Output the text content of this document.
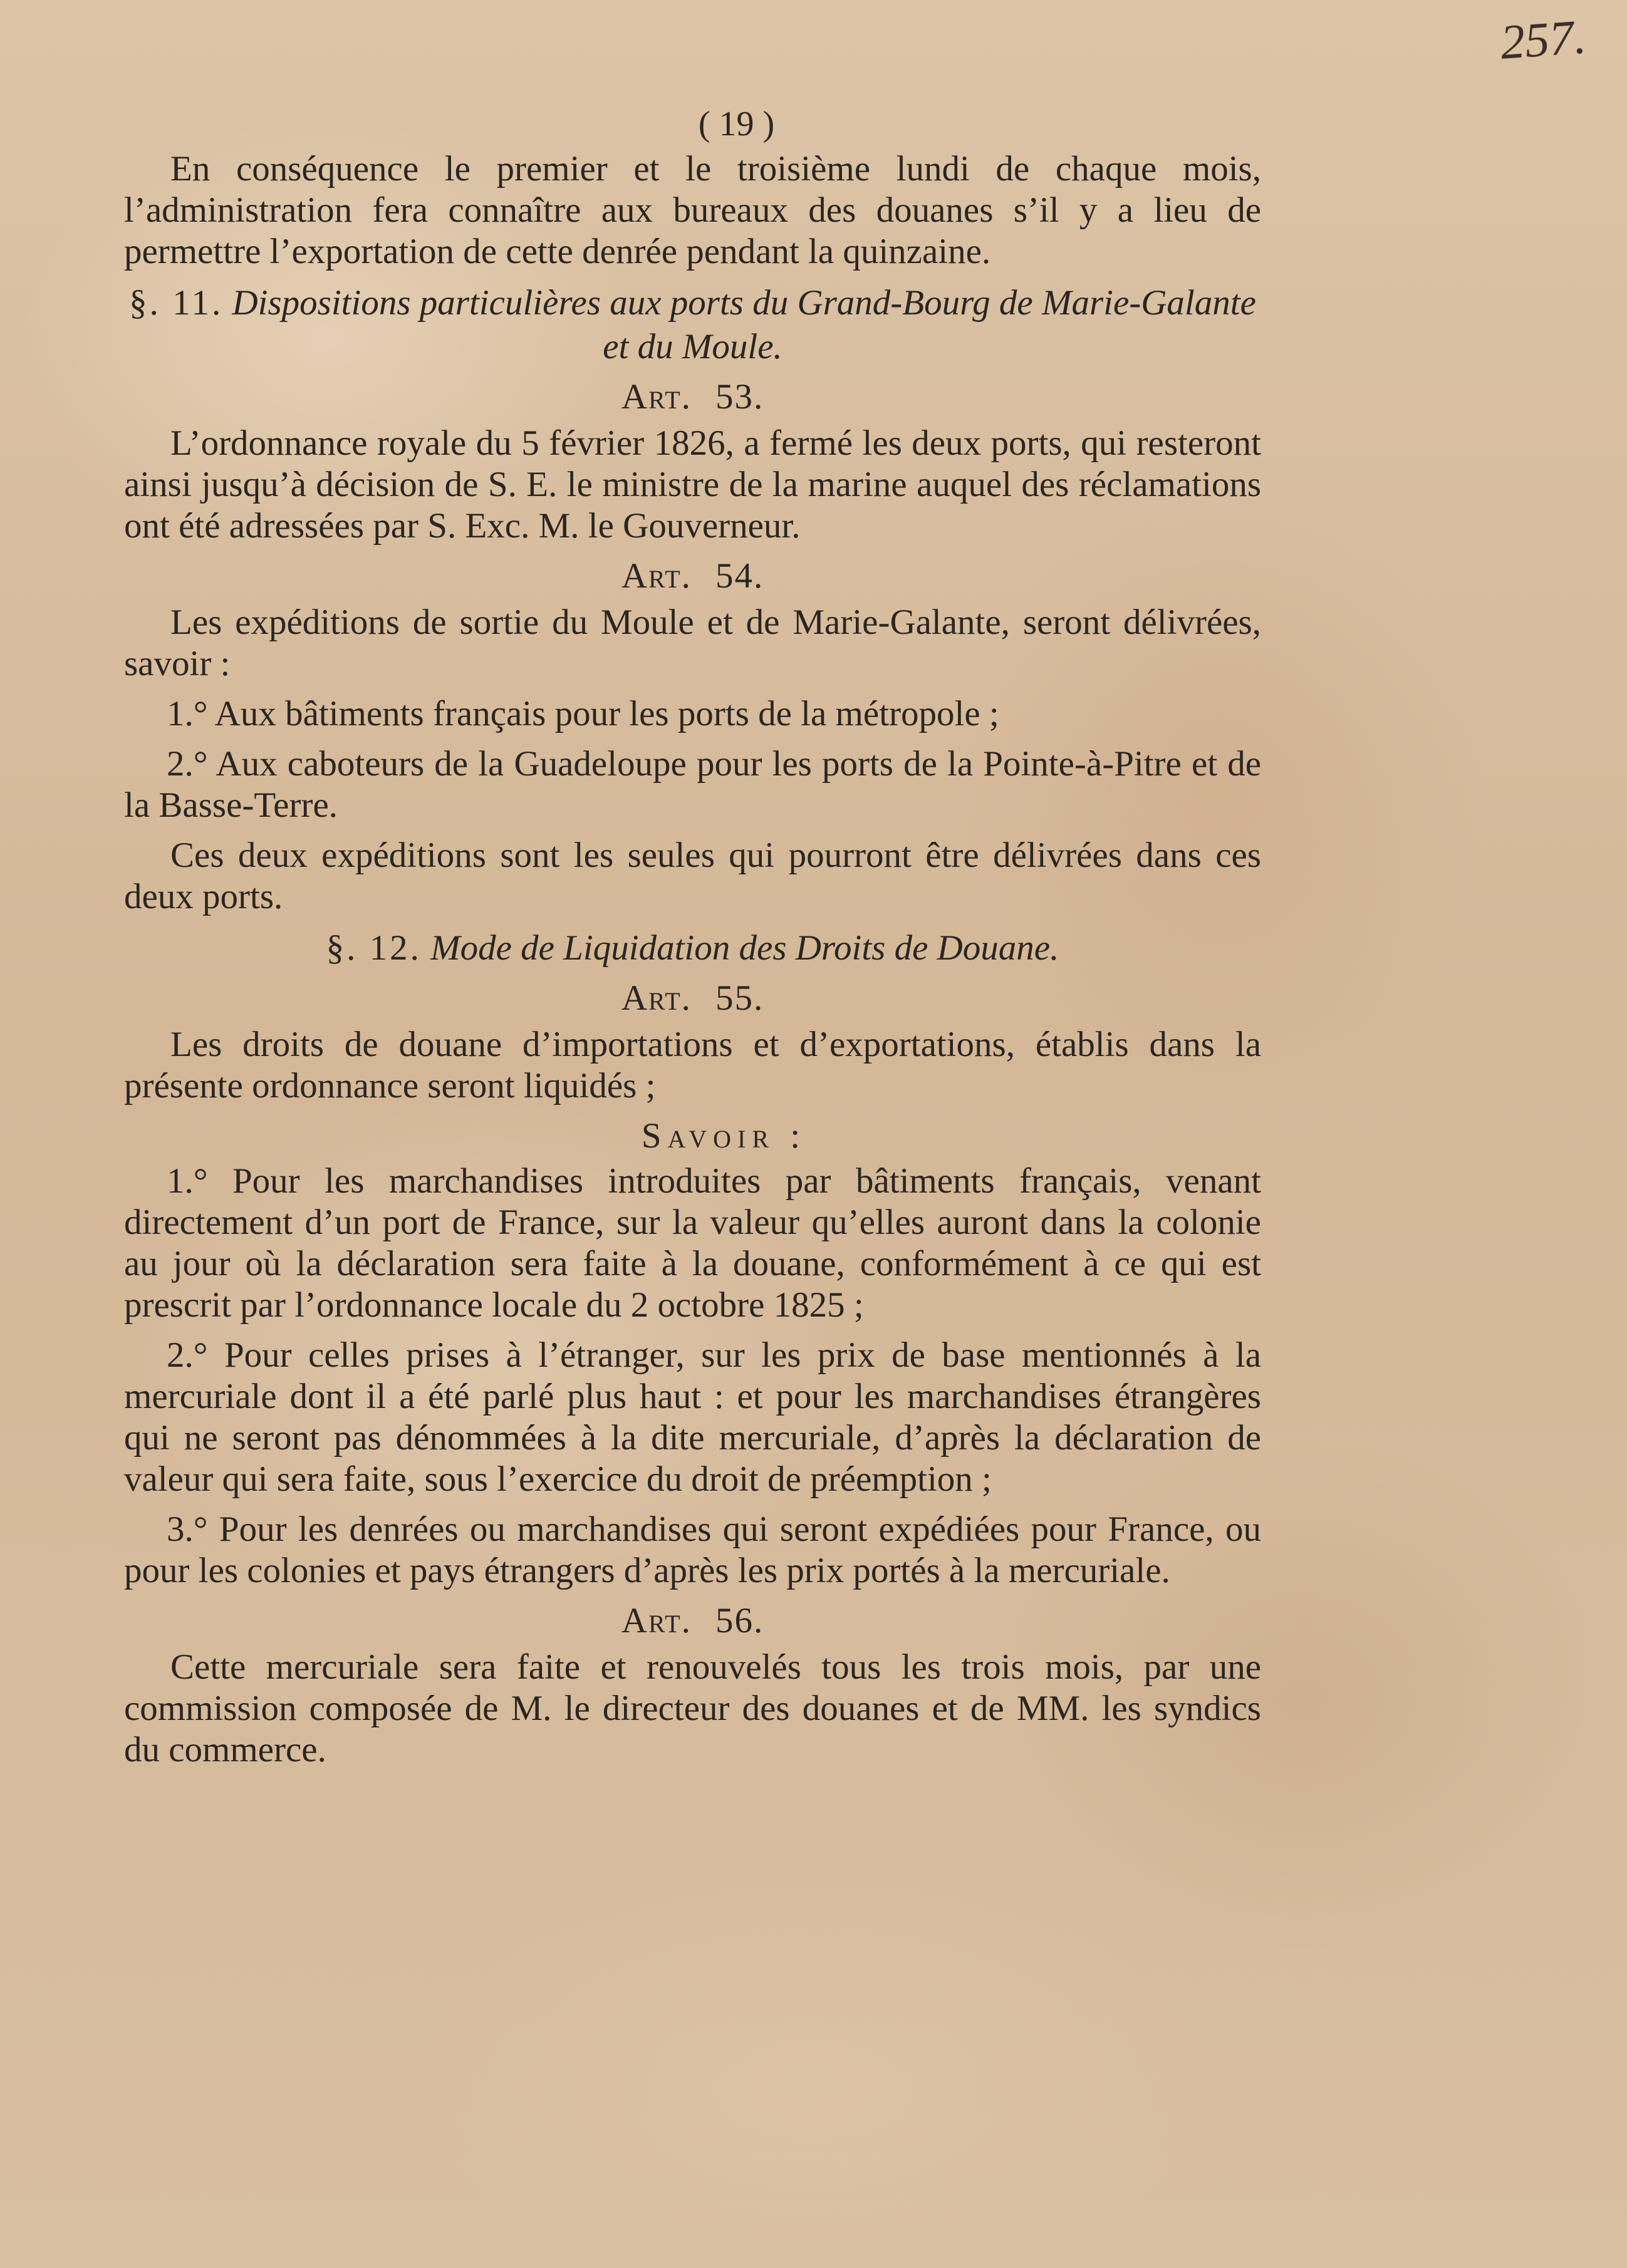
257.
( 19 )

En conséquence le premier et le troisième lundi de chaque mois, l’administration fera connaître aux bureaux des douanes s’il y a lieu de permettre l’exportation de cette denrée pendant la quinzaine.

§. 11. Dispositions particulières aux ports du Grand-Bourg de Marie-Galante et du Moule.
Art. 53.

L’ordonnance royale du 5 février 1826, a fermé les deux ports, qui resteront ainsi jusqu’à décision de S. E. le ministre de la marine auquel des réclamations ont été adressées par S. Exc. M. le Gouverneur.

Art. 54.

Les expéditions de sortie du Moule et de Marie-Galante, seront délivrées, savoir :

1.° Aux bâtiments français pour les ports de la métropole ;

2.° Aux caboteurs de la Guadeloupe pour les ports de la Pointe-à-Pitre et de la Basse-Terre.

Ces deux expéditions sont les seules qui pourront être délivrées dans ces deux ports.

§. 12. Mode de Liquidation des Droits de Douane.
Art. 55.

Les droits de douane d’importations et d’exportations, établis dans la présente ordonnance seront liquidés ;

Savoir :

1.° Pour les marchandises introduites par bâtiments français, venant directement d’un port de France, sur la valeur qu’elles auront dans la colonie au jour où la déclaration sera faite à la douane, conformément à ce qui est prescrit par l’ordonnance locale du 2 octobre 1825 ;

2.° Pour celles prises à l’étranger, sur les prix de base mentionnés à la mercuriale dont il a été parlé plus haut : et pour les marchandises étrangères qui ne seront pas dénommées à la dite mercuriale, d’après la déclaration de valeur qui sera faite, sous l’exercice du droit de préemption ;

3.° Pour les denrées ou marchandises qui seront expédiées pour France, ou pour les colonies et pays étrangers d’après les prix portés à la mercuriale.

Art. 56.

Cette mercuriale sera faite et renouvelés tous les trois mois, par une commission composée de M. le directeur des douanes et de MM. les syndics du commerce.
